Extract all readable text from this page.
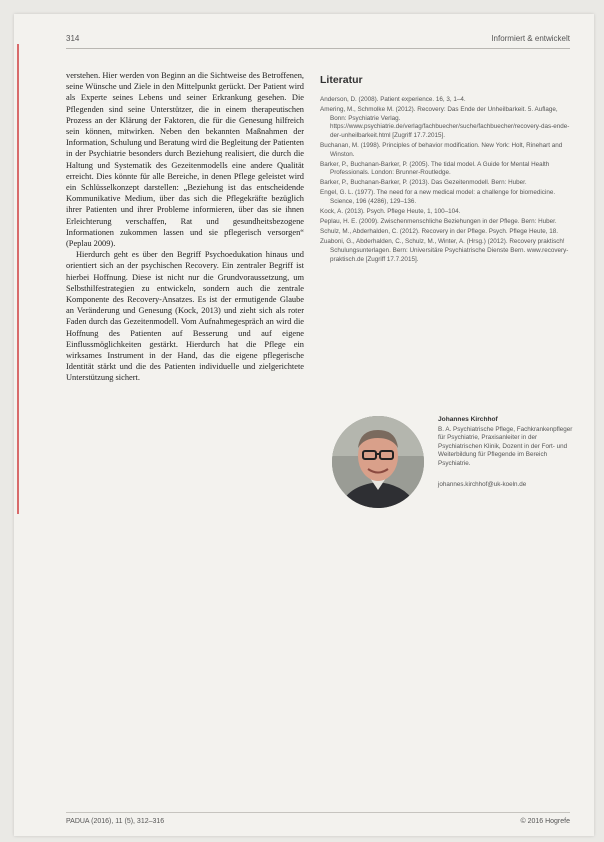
314	Informiert & entwickelt

verstehen. Hier werden von Beginn an die Sichtweise des Betroffenen, seine Wünsche und Ziele in den Mittelpunkt gerückt. Der Patient wird als Experte seines Lebens und seiner Erkrankung gesehen. Die Pflegenden sind seine Unterstützer, die in einem therapeutischen Prozess an der Klärung der Faktoren, die für die Genesung hilfreich sein können, mitwirken. Neben den bekannten Maßnahmen der Information, Schulung und Beratung wird die Begleitung der Patienten in der Psychiatrie besonders durch Beziehung realisiert, die durch die Haltung und Systematik des Gezeitenmodells eine andere Qualität erreicht. Dies könnte für alle Bereiche, in denen Pflege geleistet wird ein Schlüsselkonzept darstellen: „Beziehung ist das entscheidende Kommunikative Medium, über das sich die Pflegekräfte bezüglich ihrer Patienten und ihrer Probleme informieren, über das sie ihnen Erleichterung verschaffen, Rat und gesundheitsbezogene Informationen zukommen lassen und sie pflegerisch versorgen“ (Peplau 2009).

Hierdurch geht es über den Begriff Psychoedukation hinaus und orientiert sich an der psychischen Recovery. Ein zentraler Begriff ist hierbei Hoffnung. Diese ist nicht nur die Grundvoraussetzung, um Selbsthilfestrategien zu entwickeln, sondern auch die zentrale Komponente des Recovery-Ansatzes. Es ist der ermutigende Glaube an Veränderung und Genesung (Kock, 2013) und zieht sich als roter Faden durch das Gezeitenmodell. Vom Aufnahmegespräch an wird die Hoffnung des Patienten auf Besserung und auf eigene Einflussmöglichkeiten gestärkt. Hierdurch hat die Pflege ein wirksames Instrument in der Hand, das die eigene pflegerische Identität stärkt und die des Patienten individuelle und zielgerichtete Unterstützung sichert.

Literatur
Anderson, D. (2008). Patient experience. 16, 3, 1–4.
Amering, M., Schmolke M. (2012). Recovery: Das Ende der Unheilbarkeit. 5. Auflage, Bonn: Psychiatrie Verlag. https://www.psychiatrie.de/verlag/fachbuecher/suche/fachbuecher/recovery-das-ende-der-unheilbarkeit.html [Zugriff 17.7.2015].
Buchanan, M. (1998). Principles of behavior modification. New York: Holt, Rinehart and Winston.
Barker, P., Buchanan-Barker, P. (2005). The tidal model. A Guide for Mental Health Professionals. London: Brunner-Routledge.
Barker, P., Buchanan-Barker, P. (2013). Das Gezeitenmodell. Bern: Huber.
Engel, G. L. (1977). The need for a new medical model: a challenge for biomedicine. Science, 196 (4286), 129–136.
Kock, A. (2013). Psych. Pflege Heute, 1, 100–104.
Peplau, H. E. (2009). Zwischenmenschliche Beziehungen in der Pflege. Bern: Huber.
Schulz, M., Abderhalden, C. (2012). Recovery in der Pflege. Psych. Pflege Heute, 18.
Zuaboni, G., Abderhalden, C., Schulz, M., Winter, A. (Hrsg.) (2012). Recovery praktisch! Schulungsunterlagen. Bern: Universitäre Psychiatrische Dienste Bern. www.recovery-praktisch.de [Zugriff 17.7.2015].
Johannes Kirchhof
B. A. Psychiatrische Pflege, Fachkrankenpfleger für Psychiatrie, Praxisanleiter in der Psychiatrischen Klinik, Dozent in der Fort- und Weiterbildung für Pflegende im Bereich Psychiatrie.
johannes.kirchhof@uk-koeln.de
PADUA (2016), 11 (5), 312–316	© 2016 Hogrefe
